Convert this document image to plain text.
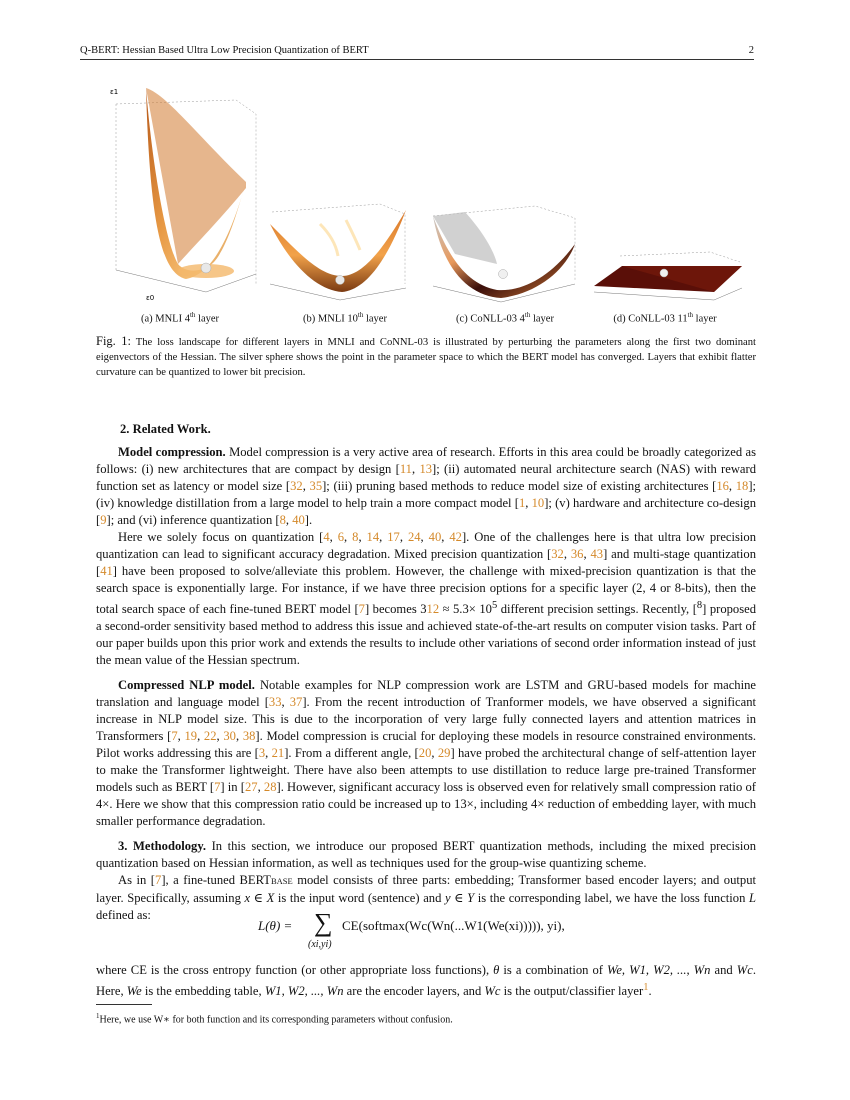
Q-BERT: Hessian Based Ultra Low Precision Quantization of BERT	2
ε0
ε1
(a) MNLI 4th layer	(b) MNLI 10th layer	(c) CoNLL-03 4th layer	(d) CoNLL-03 11th layer
Fig. 1: The loss landscape for different layers in MNLI and CoNNL-03 is illustrated by perturbing the parameters along the first two dominant eigenvectors of the Hessian. The silver sphere shows the point in the parameter space to which the BERT model has converged. Layers that exhibit flatter curvature can be quantized to lower bit precision.
2. Related Work.

Model compression. Model compression is a very active area of research. Efforts in this area could be broadly categorized as follows: (i) new architectures that are compact by design [11, 13]; (ii) automated neural architecture search (NAS) with reward function set as latency or model size [32, 35]; (iii) pruning based methods to reduce model size of existing architectures [16, 18]; (iv) knowledge distillation from a large model to help train a more compact model [1, 10]; (v) hardware and architecture co-design [9]; and (vi) inference quantization [8, 40].

Here we solely focus on quantization [4, 6, 8, 14, 17, 24, 40, 42]. One of the challenges here is that ultra low precision quantization can lead to significant accuracy degradation. Mixed precision quantization [32, 36, 43] and multi-stage quantization [41] have been proposed to solve/alleviate this problem. However, the challenge with mixed-precision quantization is that the search space is exponentially large. For instance, if we have three precision options for a specific layer (2, 4 or 8-bits), then the total search space of each fine-tuned BERT model [7] becomes $312 \approx 5.3\times 10^5$ different precision settings. Recently, [$^8$] proposed a second-order sensitivity based method to address this issue and achieved state-of-the-art results on computer vision tasks. Part of our paper builds upon this prior work and extends the results to include other variations of second order information instead of just the mean value of the Hessian spectrum.

Compressed NLP model. Notable examples for NLP compression work are LSTM and GRU-based models for machine translation and language model [33, 37]. From the recent introduction of Tranformer models, we have observed a significant increase in NLP model size. This is due to the incorporation of very large fully connected layers and attention matrices in Transformers [7, 19, 22, 30, 38]. Model compression is crucial for deploying these models in resource constrained environments. Pilot works addressing this are [3, 21]. From a different angle, [20, 29] have probed the architectural change of self-attention layer to make the Transformer lightweight. There have also been attempts to use distillation to reduce large pre-trained Transformer models such as BERT [7] in [27, 28]. However, significant accuracy loss is observed even for relatively small compression ratio of 4×. Here we show that this compression ratio could be increased up to 13×, including 4× reduction of embedding layer, with much smaller performance degradation.

3. Methodology. In this section, we introduce our proposed BERT quantization methods, including the mixed precision quantization based on Hessian information, as well as techniques used for the group-wise quantizing scheme.

As in [7], a fine-tuned BERTBASE model consists of three parts: embedding; Transformer based encoder layers; and output layer. Specifically, assuming x ∈ X is the input word (sentence) and y ∈ Y is the corresponding label, we have the loss function L defined as:

L(θ) = ∑
(xi,yi)
CE(softmax(Wc(Wn(...W1(We(xi))))), yi),

where CE is the cross entropy function (or other appropriate loss functions), θ is a combination of We, W1, W2, ..., Wn and Wc. Here, We is the embedding table, W1, W2, ..., Wn are the encoder layers, and Wc is the output/classifier layer$^1$.

$^1$Here, we use W∗ for both function and its corresponding parameters without confusion.
